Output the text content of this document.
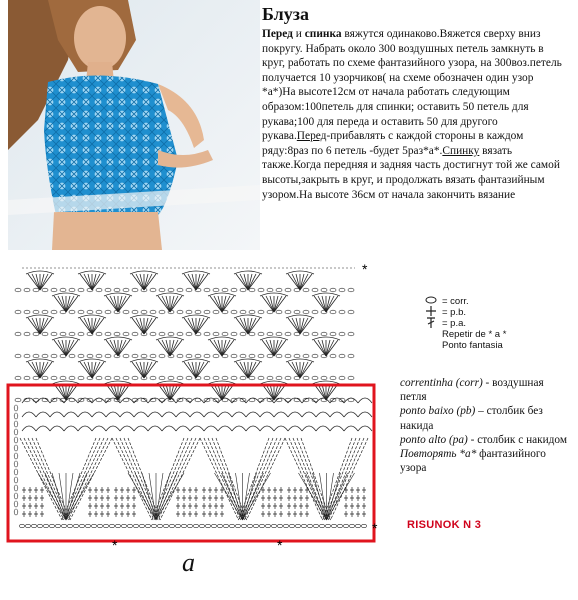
Блуза
Перед и спинка вяжутся одинаково.Вяжется сверху вниз покругу. Набрать около 300 воздушных петель замкнуть в круг, работать по схеме фантазийного узора, на 300воз.петель получается 10 узорчиков( на схеме обозначен один узор *а*)На высоте12см от начала работать следующим образом:100петель для спинки; оставить 50 петель для рукава;100 для переда и оставить 50 для другого рукава.Перед-прибавлять с каждой стороны в каждом ряду:8раз по 6 петель -будет 5раз*а*.Спинку вязать также.Когда передняя и задняя часть достигнут той же самой высоты,закрыть в круг, и продолжать вязать фантазийным узором.На высоте 36см от начала закончить вязание
*
*
*	*
= corr.
= p.b.
= p.a.
Repetir de * a *
Ponto fantasia
correntinha (corr) - воздушная петля
ponto baixo (pb) – столбик без накида
ponto alto (pa) - столбик с накидом
Повторять *а* фантазийного узора
RISUNOK N 3
а
